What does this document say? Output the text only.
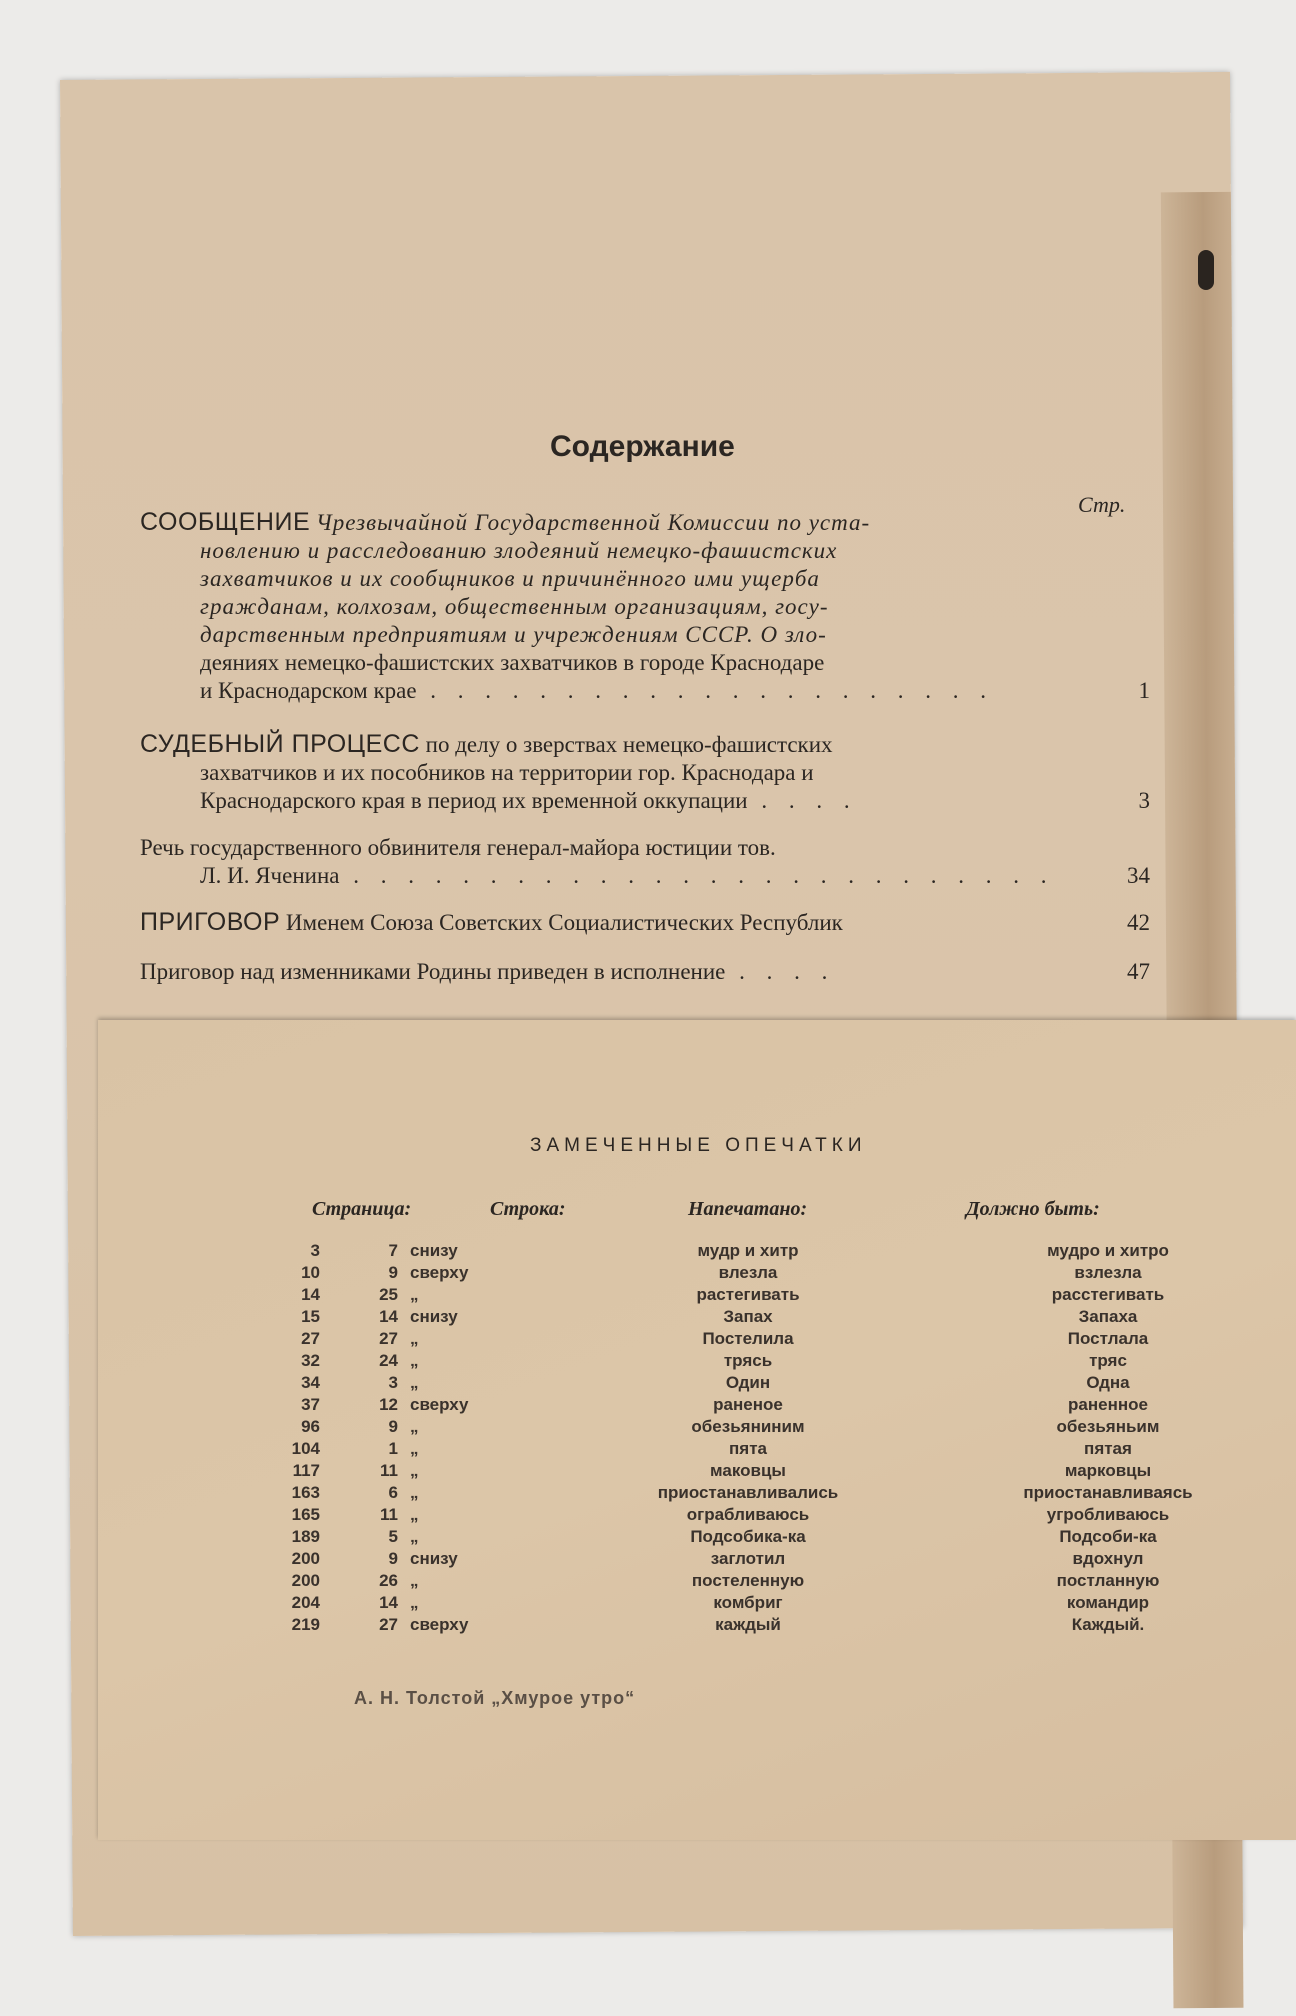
Содержание
Стр.
СООБЩЕНИЕ Чрезвычайной Государственной Комиссии по уста-
новлению и расследованию злодеяний немецко-фашистских
захватчиков и их сообщников и причинённого ими ущерба
гражданам, колхозам, общественным организациям, госу-
дарственным предприятиям и учреждениям СССР. О зло-
деяниях немецко-фашистских захватчиков в городе Краснодаре
и Краснодарском крае . . . . . . . . . . . . . . . . . . . . .	1
СУДЕБНЫЙ ПРОЦЕСС по делу о зверствах немецко-фашистских
захватчиков и их пособников на территории гор. Краснодара и
Краснодарского края в период их временной оккупации . . . .	3
Речь государственного обвинителя генерал-майора юстиции тов.
Л. И. Яченина . . . . . . . . . . . . . . . . . . . . . . . . . .	34
ПРИГОВОР Именем Союза Советских Социалистических Республик	42
Приговор над изменниками Родины приведен в исполнение . . . .	47
ЗАМЕЧЕННЫЕ ОПЕЧАТКИ
Страница:	Строка:	Напечатано:	Должно быть:
3	7 снизу	мудр и хитр	мудро и хитро
10	9 сверху	влезла	взлезла
14	25 „	растегивать	расстегивать
15	14 снизу	Запах	Запаха
27	27 „	Постелила	Постлала
32	24 „	трясь	тряс
34	3 „	Один	Одна
37	12 сверху	раненое	раненное
96	9 „	обезьяниним	обезьяньим
104	1 „	пята	пятая
117	11 „	маковцы	марковцы
163	6 „	приостанавливались	приостанавливаясь
165	11 „	ограбливаюсь	угробливаюсь
189	5 „	Подсобика-ка	Подсоби-ка
200	9 снизу	заглотил	вдохнул
200	26 „	постеленную	постланную
204	14 „	комбриг	командир
219	27 сверху	каждый	Каждый.
А. Н. Толстой „Хмурое утро“
